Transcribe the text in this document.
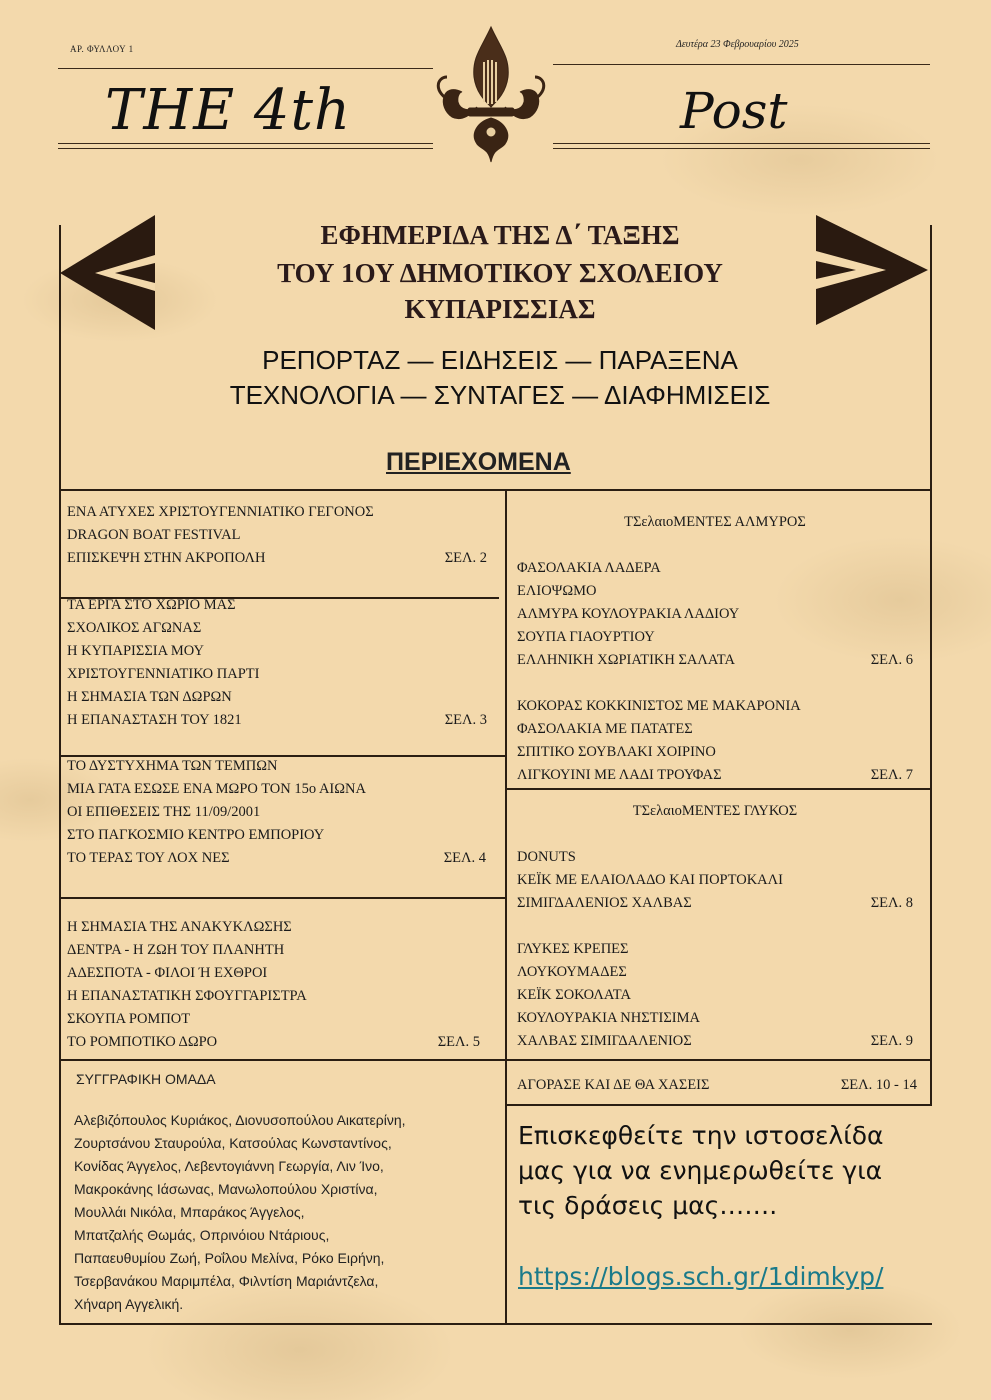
ΑΡ. ΦΥΛΛΟΥ 1	Δευτέρα 23 Φεβρουαρίου 2025
THE 4th	Post
ΕΦΗΜΕΡΙΔΑ ΤΗΣ Δ΄ ΤΑΞΗΣ
ΤΟΥ 1ΟΥ ΔΗΜΟΤΙΚΟΥ ΣΧΟΛΕΙΟΥ
ΚΥΠΑΡΙΣΣΙΑΣ
ΡΕΠΟΡΤΑΖ — ΕΙΔΗΣΕΙΣ — ΠΑΡΑΞΕΝΑ
ΤΕΧΝΟΛΟΓΙΑ — ΣΥΝΤΑΓΕΣ — ΔΙΑΦΗΜΙΣΕΙΣ
ΠΕΡΙΕΧΟΜΕΝΑ
ΕΝΑ ΑΤΥΧΕΣ ΧΡΙΣΤΟΥΓΕΝΝΙΑΤΙΚΟ ΓΕΓΟΝΟΣ
DRAGON BOAT FESTIVAL
ΕΠΙΣΚΕΨΗ ΣΤΗΝ ΑΚΡΟΠΟΛΗ	ΣΕΛ. 2
ΤΑ ΕΡΓΑ ΣΤΟ ΧΩΡΙΟ ΜΑΣ
ΣΧΟΛΙΚΟΣ ΑΓΩΝΑΣ
Η ΚΥΠΑΡΙΣΣΙΑ ΜΟΥ
ΧΡΙΣΤΟΥΓΕΝΝΙΑΤΙΚΟ ΠΑΡΤΙ
Η ΣΗΜΑΣΙΑ ΤΩΝ ΔΩΡΩΝ
Η ΕΠΑΝΑΣΤΑΣΗ ΤΟΥ 1821	ΣΕΛ. 3
ΤΟ ΔΥΣΤΥΧΗΜΑ ΤΩΝ ΤΕΜΠΩΝ
ΜΙΑ ΓΑΤΑ ΕΣΩΣΕ ΕΝΑ ΜΩΡΟ ΤΟΝ 15ο ΑΙΩΝΑ
ΟΙ ΕΠΙΘΕΣΕΙΣ ΤΗΣ 11/09/2001
ΣΤΟ ΠΑΓΚΟΣΜΙΟ ΚΕΝΤΡΟ ΕΜΠΟΡΙΟΥ
ΤΟ ΤΕΡΑΣ ΤΟΥ ΛΟΧ ΝΕΣ	ΣΕΛ. 4
Η ΣΗΜΑΣΙΑ ΤΗΣ ΑΝΑΚΥΚΛΩΣΗΣ
ΔΕΝΤΡΑ - Η ΖΩΗ ΤΟΥ ΠΛΑΝΗΤΗ
ΑΔΕΣΠΟΤΑ - ΦΙΛΟΙ Ή ΕΧΘΡΟΙ
Η ΕΠΑΝΑΣΤΑΤΙΚΗ ΣΦΟΥΓΓΑΡΙΣΤΡΑ
ΣΚΟΥΠΑ ΡΟΜΠΟΤ
ΤΟ ΡΟΜΠΟΤΙΚΟ ΔΩΡΟ	ΣΕΛ. 5
ΤΣελαιοΜΕΝΤΕΣ ΑΛΜΥΡΟΣ
ΦΑΣΟΛΑΚΙΑ ΛΑΔΕΡΑ
ΕΛΙΟΨΩΜΟ
ΑΛΜΥΡΑ ΚΟΥΛΟΥΡΑΚΙΑ ΛΑΔΙΟΥ
ΣΟΥΠΑ ΓΙΑΟΥΡΤΙΟΥ
ΕΛΛΗΝΙΚΗ ΧΩΡΙΑΤΙΚΗ ΣΑΛΑΤΑ	ΣΕΛ. 6
ΚΟΚΟΡΑΣ ΚΟΚΚΙΝΙΣΤΟΣ ΜΕ ΜΑΚΑΡΟΝΙΑ
ΦΑΣΟΛΑΚΙΑ ΜΕ ΠΑΤΑΤΕΣ
ΣΠΙΤΙΚΟ ΣΟΥΒΛΑΚΙ ΧΟΙΡΙΝΟ
ΛΙΓΚΟΥΙΝΙ ΜΕ ΛΑΔΙ ΤΡΟΥΦΑΣ	ΣΕΛ. 7
ΤΣελαιοΜΕΝΤΕΣ ΓΛΥΚΟΣ
DONUTS
ΚΕΪΚ ΜΕ ΕΛΑΙΟΛΑΔΟ ΚΑΙ ΠΟΡΤΟΚΑΛΙ
ΣΙΜΙΓΔΑΛΕΝΙΟΣ ΧΑΛΒΑΣ	ΣΕΛ. 8
ΓΛΥΚΕΣ ΚΡΕΠΕΣ
ΛΟΥΚΟΥΜΑΔΕΣ
ΚΕΪΚ ΣΟΚΟΛΑΤΑ
ΚΟΥΛΟΥΡΑΚΙΑ ΝΗΣΤΙΣΙΜΑ
ΧΑΛΒΑΣ ΣΙΜΙΓΔΑΛΕΝΙΟΣ	ΣΕΛ. 9
ΑΓΟΡΑΣΕ ΚΑΙ ΔΕ ΘΑ ΧΑΣΕΙΣ	ΣΕΛ. 10 - 14
ΣΥΓΓΡΑΦΙΚΗ ΟΜΑΔΑ
Αλεβιζόπουλος Κυριάκος, Διονυσοπούλου Αικατερίνη,
Ζουρτσάνου Σταυρούλα, Κατσούλας Κωνσταντίνος,
Κονίδας Άγγελος, Λεβεντογιάννη Γεωργία, Λιν Ίνο,
Μακροκάνης Ιάσωνας, Μανωλοπούλου Χριστίνα,
Μουλλάι Νικόλα, Μπαράκος Άγγελος,
Μπατζαλής Θωμάς, Οπρινόιου Ντάριους,
Παπαευθυμίου Ζωή, Ροΐλου Μελίνα, Ρόκο Ειρήνη,
Τσερβανάκου Μαριμπέλα, Φιλντίση Μαριάντζελα,
Χήναρη Αγγελική.
Επισκεφθείτε την ιστοσελίδα μας για να ενημερωθείτε για τις δράσεις μας…….
https://blogs.sch.gr/1dimkyp/
